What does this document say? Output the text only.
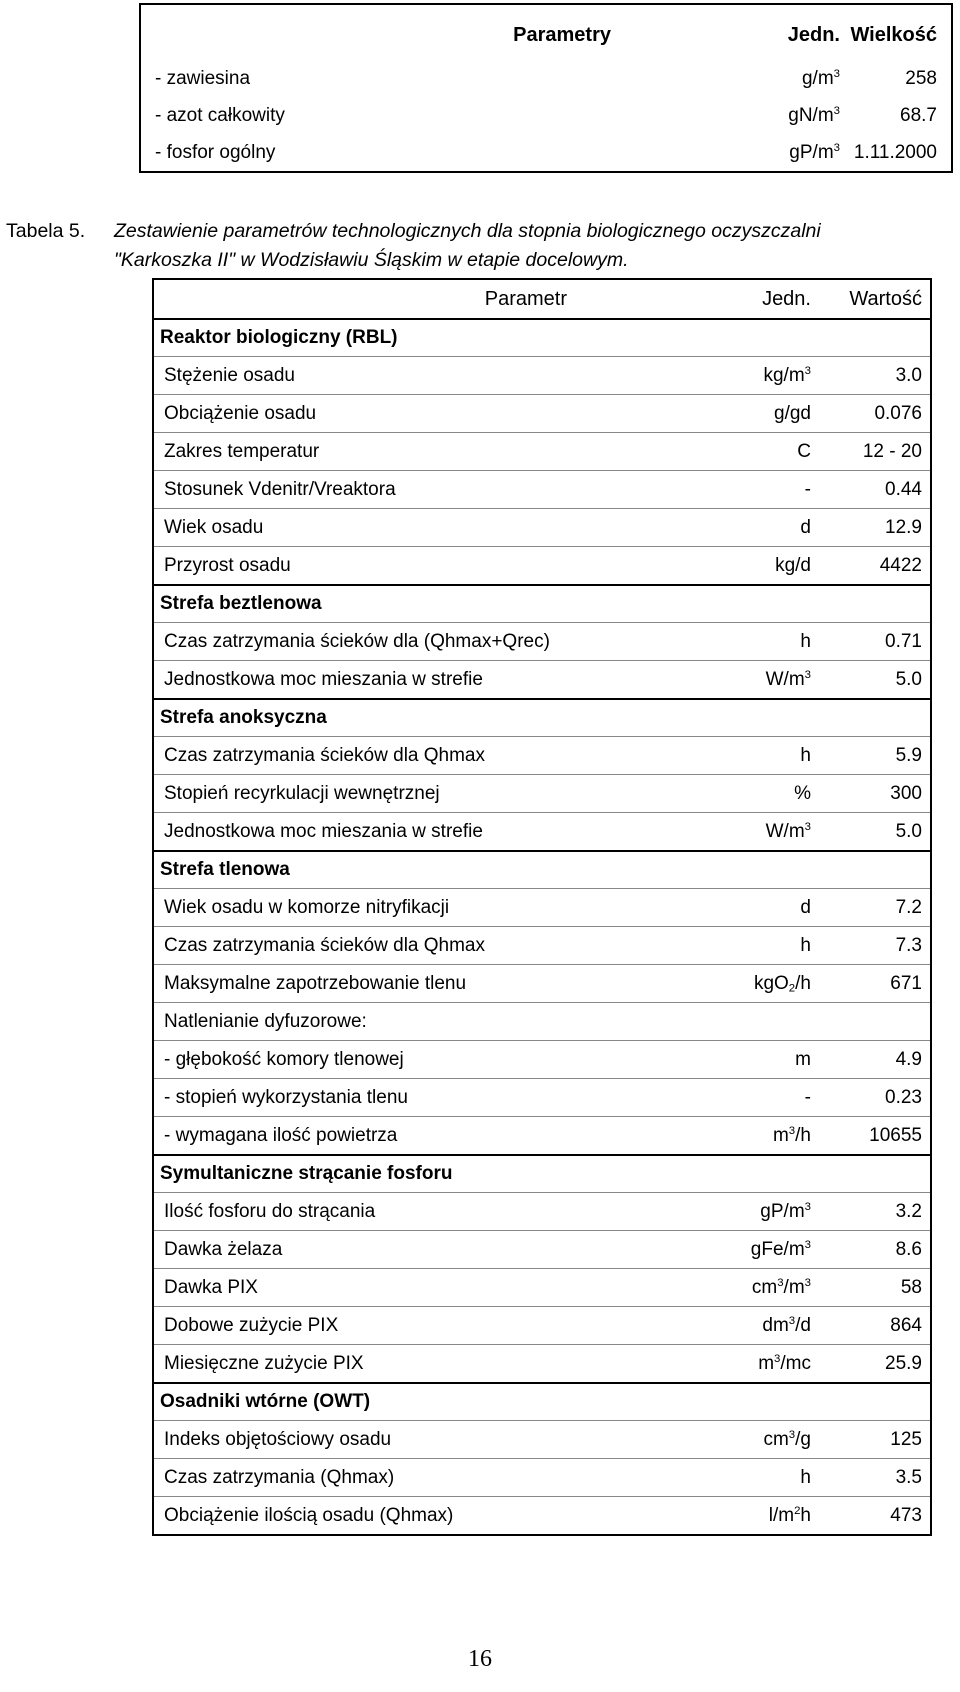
Parametry	Jedn. Wielkość
- zawiesina	$g/m^3$	258
- azot całkowity	$gN/m^3$	68.7
- fosfor ogólny	$gP/m^3$ 1.11.2000
Tabela 5. Zestawienie parametrów technologicznych dla stopnia biologicznego oczyszczalni
"Karkoszka II" w Wodzisławiu Śląskim w etapie docelowym.
Parametr	Jedn.	Wartość
Reaktor biologiczny (RBL)
Stężenie osadu	$kg/m^3$	3.0
Obciążenie osadu	g/gd	0.076
Zakres temperatur	C	12 - 20
Stosunek Vdenitr/Vreaktora	-	0.44
Wiek osadu	d	12.9
Przyrost osadu	kg/d	4422
Strefa beztlenowa
Czas zatrzymania ścieków dla (Qhmax+Qrec)	h	0.71
Jednostkowa moc mieszania w strefie	$W/m^3$	5.0
Strefa anoksyczna
Czas zatrzymania ścieków dla Qhmax	h	5.9
Stopień recyrkulacji wewnętrznej	%	300
Jednostkowa moc mieszania w strefie	$W/m^3$	5.0
Strefa tlenowa
Wiek osadu w komorze nitryfikacji	d	7.2
Czas zatrzymania ścieków dla Qhmax	h	7.3
Maksymalne zapotrzebowanie tlenu	kgO$_2$/h	671
Natlenianie dyfuzorowe:
- głębokość komory tlenowej	m	4.9
- stopień wykorzystania tlenu	-	0.23
- wymagana ilość powietrza	$m^3/h$	10655
Symultaniczne strącanie fosforu
Ilość fosforu do strącania	$gP/m^3$	3.2
Dawka żelaza	gFe/$m^3$	8.6
Dawka PIX	$cm^3/m^3$	58
Dobowe zużycie PIX	$dm^3/d$	864
Miesięczne zużycie PIX	$m^3/mc$	25.9
Osadniki wtórne (OWT)
Indeks objętościowy osadu	$cm^3/g$	125
Czas zatrzymania (Qhmax)	h	3.5
Obciążenie ilością osadu (Qhmax)	$l/m^2h$	473
16
